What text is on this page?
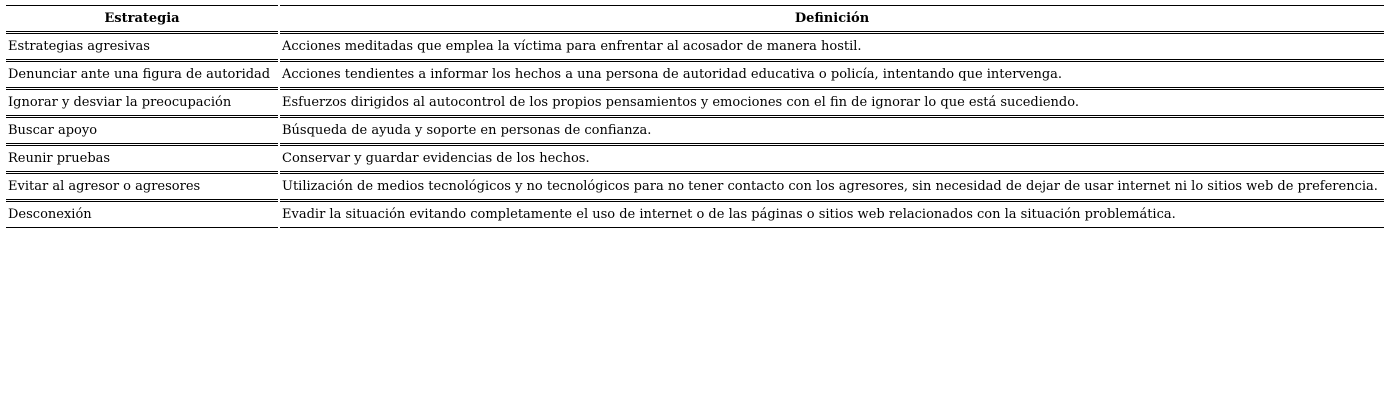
Estrategia	Definición
Estrategias agresivas	Acciones meditadas que emplea la víctima para enfrentar al acosador de manera hostil.
Denunciar ante una figura de autoridad	Acciones tendientes a informar los hechos a una persona de autoridad educativa o policía, intentando que intervenga.
Ignorar y desviar la preocupación	Esfuerzos dirigidos al autocontrol de los propios pensamientos y emociones con el fin de ignorar lo que está sucediendo.
Buscar apoyo	Búsqueda de ayuda y soporte en personas de confianza.
Reunir pruebas	Conservar y guardar evidencias de los hechos.
Evitar al agresor o agresores	Utilización de medios tecnológicos y no tecnológicos para no tener contacto con los agresores, sin necesidad de dejar de usar internet ni lo sitios web de preferencia.
Desconexión	Evadir la situación evitando completamente el uso de internet o de las páginas o sitios web relacionados con la situación problemática.
